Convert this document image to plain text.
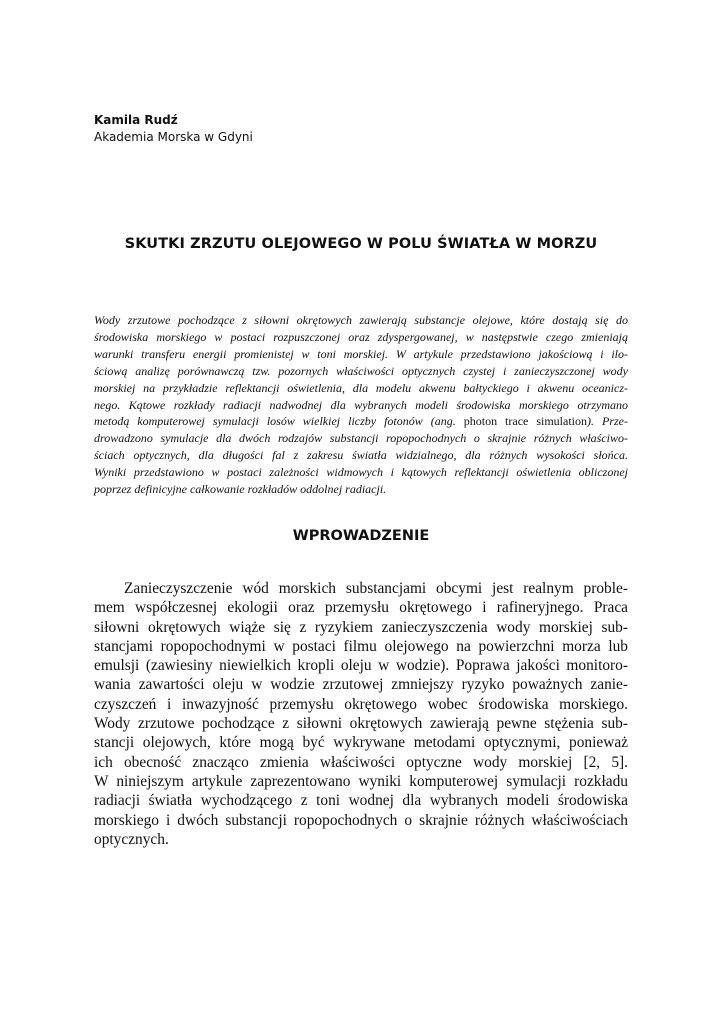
Kamila Rudź
Akademia Morska w Gdyni
SKUTKI ZRZUTU OLEJOWEGO W POLU ŚWIATŁA W MORZU
Wody zrzutowe pochodzące z siłowni okrętowych zawierają substancje olejowe, które dostają się do
środowiska morskiego w postaci rozpuszczonej oraz zdyspergowanej, w następstwie czego zmieniają
warunki transferu energii promienistej w toni morskiej. W artykule przedstawiono jakościową i ilo-
ściową analizę porównawczą tzw. pozornych właściwości optycznych czystej i zanieczyszczonej wody
morskiej na przykładzie reflektancji oświetlenia, dla modelu akwenu bałtyckiego i akwenu oceanicz-
nego. Kątowe rozkłady radiacji nadwodnej dla wybranych modeli środowiska morskiego otrzymano
metodą komputerowej symulacji losów wielkiej liczby fotonów (ang. photon trace simulation). Prze-
drowadzono symulacje dla dwóch rodzajów substancji ropopochodnych o skrajnie różnych właściwo-
ściach optycznych, dla długości fal z zakresu światła widzialnego, dla różnych wysokości słońca.
Wyniki przedstawiono w postaci zależności widmowych i kątowych reflektancji oświetlenia obliczonej
poprzez definicyjne całkowanie rozkładów oddolnej radiacji.
WPROWADZENIE
Zanieczyszczenie wód morskich substancjami obcymi jest realnym proble-
mem współczesnej ekologii oraz przemysłu okrętowego i rafineryjnego. Praca
siłowni okrętowych wiąże się z ryzykiem zanieczyszczenia wody morskiej sub-
stancjami ropopochodnymi w postaci filmu olejowego na powierzchni morza lub
emulsji (zawiesiny niewielkich kropli oleju w wodzie). Poprawa jakości monitoro-
wania zawartości oleju w wodzie zrzutowej zmniejszy ryzyko poważnych zanie-
czyszczeń i inwazyjność przemysłu okrętowego wobec środowiska morskiego.
Wody zrzutowe pochodzące z siłowni okrętowych zawierają pewne stężenia sub-
stancji olejowych, które mogą być wykrywane metodami optycznymi, ponieważ
ich obecność znacząco zmienia właściwości optyczne wody morskiej [2, 5].
W niniejszym artykule zaprezentowano wyniki komputerowej symulacji rozkładu
radiacji światła wychodzącego z toni wodnej dla wybranych modeli środowiska
morskiego i dwóch substancji ropopochodnych o skrajnie różnych właściwościach
optycznych.
